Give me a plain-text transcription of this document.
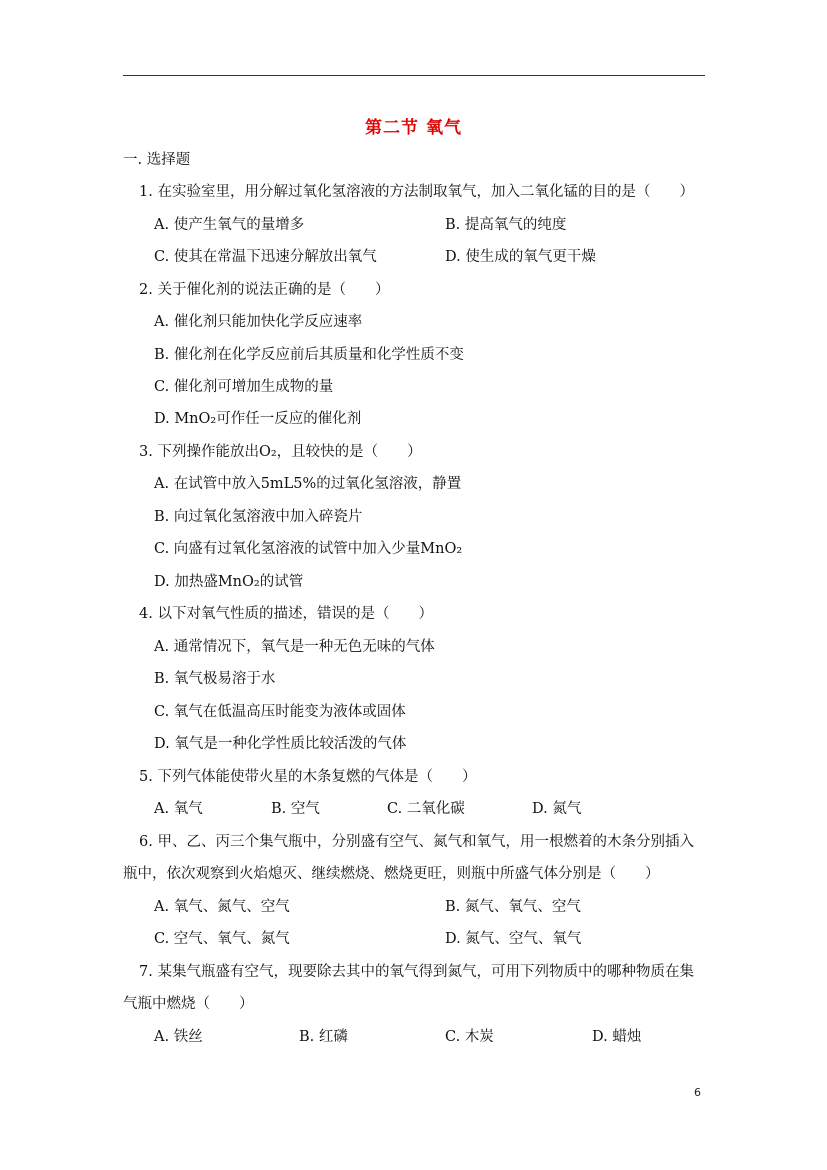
第二节 氧气
一. 选择题
1. 在实验室里，用分解过氧化氢溶液的方法制取氧气，加入二氧化锰的目的是（　　）
A. 使产生氧气的量增多	B. 提高氧气的纯度
C. 使其在常温下迅速分解放出氧气	D. 使生成的氧气更干燥
2. 关于催化剂的说法正确的是（　　）
A. 催化剂只能加快化学反应速率
B. 催化剂在化学反应前后其质量和化学性质不变
C. 催化剂可增加生成物的量
D. MnO₂可作任一反应的催化剂
3. 下列操作能放出O₂，且较快的是（　　）
A. 在试管中放入5mL5%的过氧化氢溶液，静置
B. 向过氧化氢溶液中加入碎瓷片
C. 向盛有过氧化氢溶液的试管中加入少量MnO₂
D. 加热盛MnO₂的试管
4. 以下对氧气性质的描述，错误的是（　　）
A. 通常情况下，氧气是一种无色无味的气体
B. 氧气极易溶于水
C. 氧气在低温高压时能变为液体或固体
D. 氧气是一种化学性质比较活泼的气体
5. 下列气体能使带火星的木条复燃的气体是（　　）
A. 氧气	B. 空气	C. 二氧化碳	D. 氮气
6. 甲、乙、丙三个集气瓶中，分别盛有空气、氮气和氧气，用一根燃着的木条分别插入
瓶中，依次观察到火焰熄灭、继续燃烧、燃烧更旺，则瓶中所盛气体分别是（　　）
A. 氧气、氮气、空气	B. 氮气、氧气、空气
C. 空气、氧气、氮气	D. 氮气、空气、氧气
7. 某集气瓶盛有空气，现要除去其中的氧气得到氮气，可用下列物质中的哪种物质在集
气瓶中燃烧（　　）
A. 铁丝	B. 红磷	C. 木炭	D. 蜡烛
6
